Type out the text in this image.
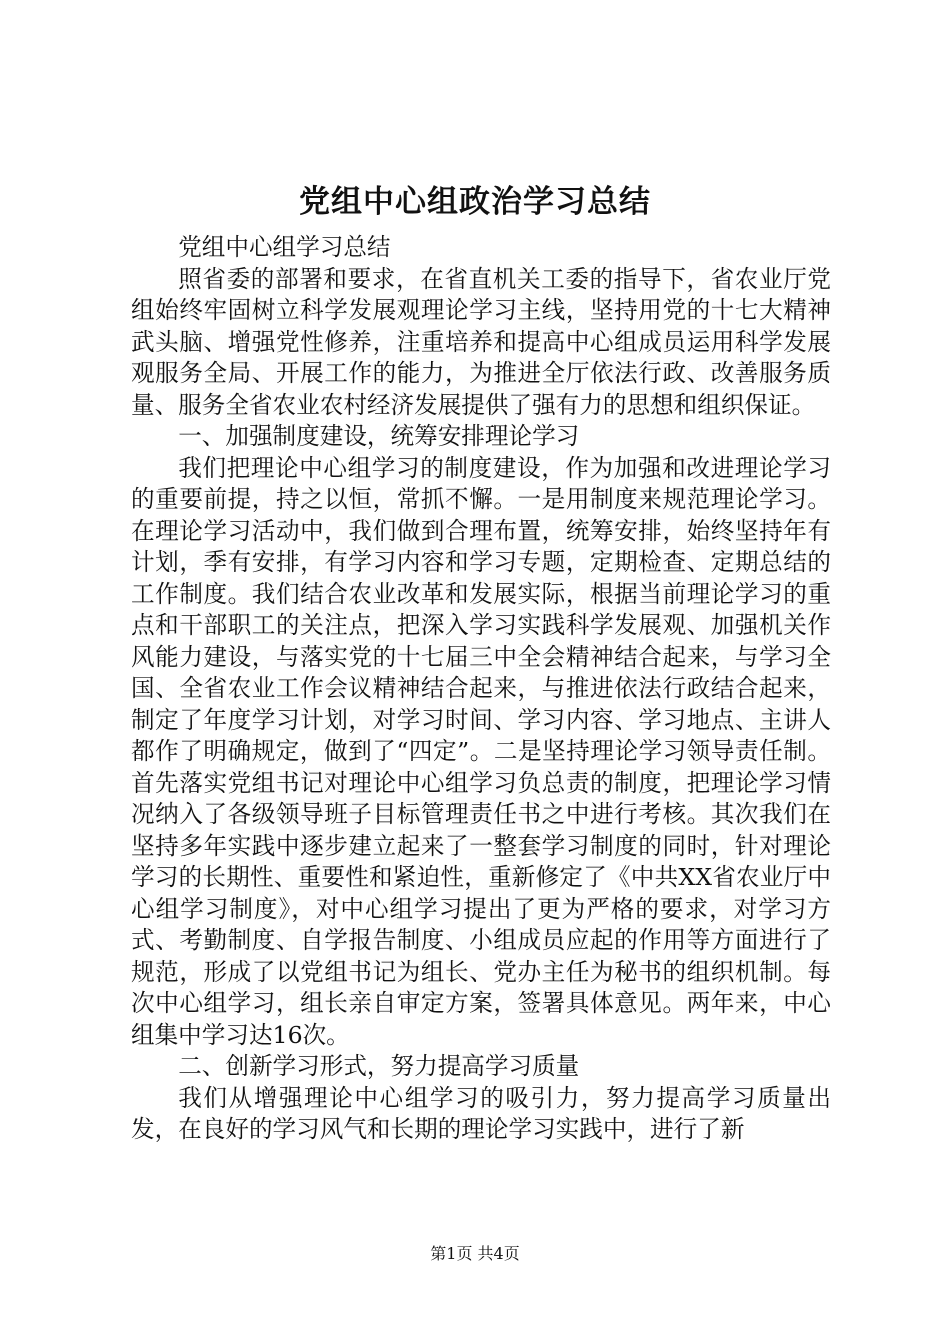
党组中心组政治学习总结

党组中心组学习总结

照省委的部署和要求，在省直机关工委的指导下，省农业厅党组始终牢固树立科学发展观理论学习主线，坚持用党的十七大精神武头脑、增强党性修养，注重培养和提高中心组成员运用科学发展观服务全局、开展工作的能力，为推进全厅依法行政、改善服务质量、服务全省农业农村经济发展提供了强有力的思想和组织保证。

一、加强制度建设，统筹安排理论学习

我们把理论中心组学习的制度建设，作为加强和改进理论学习的重要前提，持之以恒，常抓不懈。一是用制度来规范理论学习。在理论学习活动中，我们做到合理布置，统筹安排，始终坚持年有计划，季有安排，有学习内容和学习专题，定期检查、定期总结的工作制度。我们结合农业改革和发展实际，根据当前理论学习的重点和干部职工的关注点，把深入学习实践科学发展观、加强机关作风能力建设，与落实党的十七届三中全会精神结合起来，与学习全国、全省农业工作会议精神结合起来，与推进依法行政结合起来，制定了年度学习计划，对学习时间、学习内容、学习地点、主讲人都作了明确规定，做到了“四定”。二是坚持理论学习领导责任制。首先落实党组书记对理论中心组学习负总责的制度，把理论学习情况纳入了各级领导班子目标管理责任书之中进行考核。其次我们在坚持多年实践中逐步建立起来了一整套学习制度的同时，针对理论学习的长期性、重要性和紧迫性，重新修定了《中共XX省农业厅中心组学习制度》，对中心组学习提出了更为严格的要求，对学习方式、考勤制度、自学报告制度、小组成员应起的作用等方面进行了规范，形成了以党组书记为组长、党办主任为秘书的组织机制。每次中心组学习，组长亲自审定方案，签署具体意见。两年来，中心组集中学习达16次。

二、创新学习形式，努力提高学习质量

我们从增强理论中心组学习的吸引力，努力提高学习质量出发，在良好的学习风气和长期的理论学习实践中，进行了新

第1页 共4页
